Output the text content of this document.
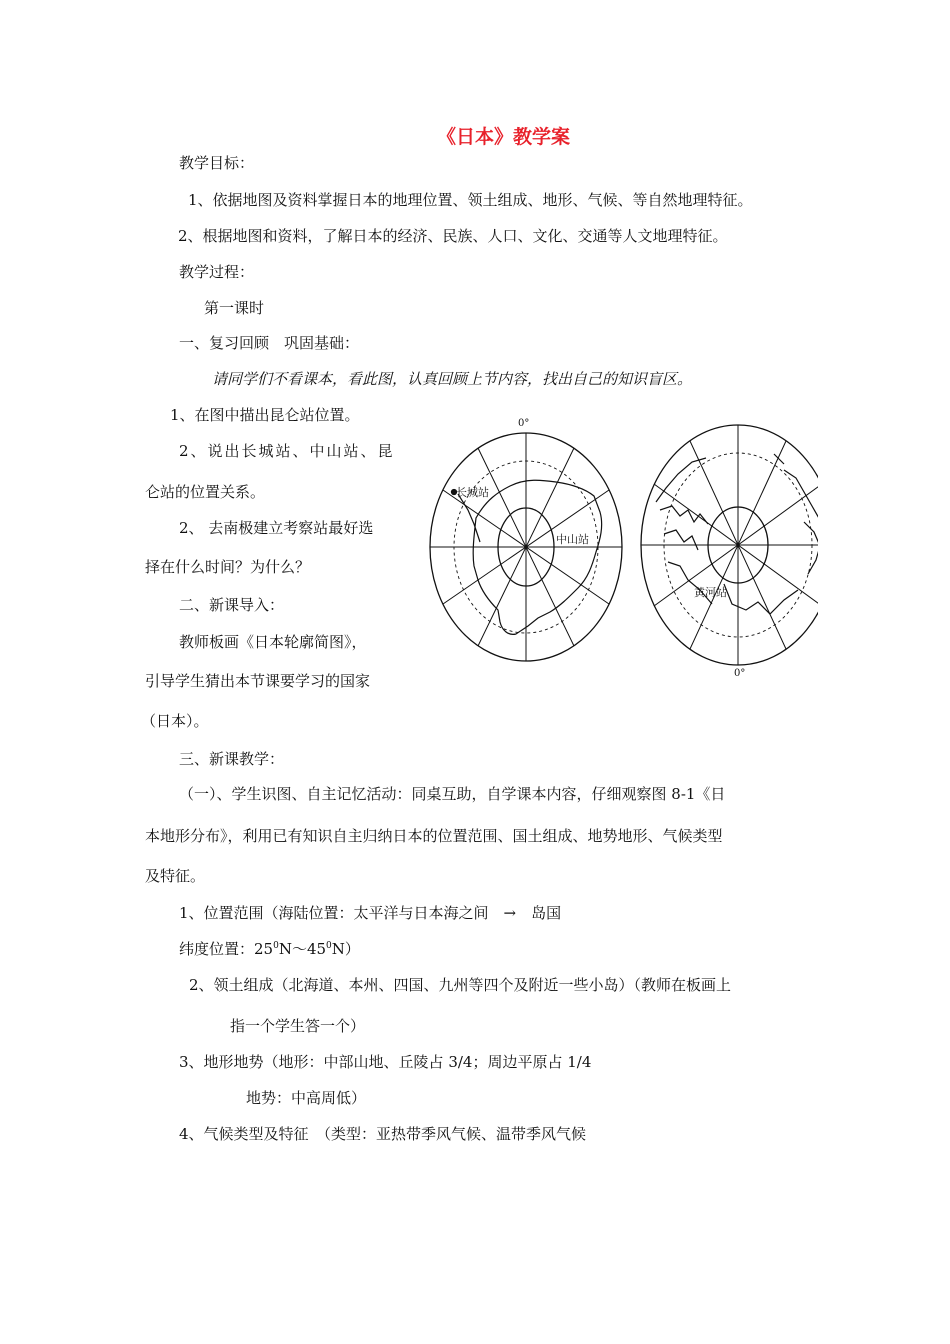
《日本》教学案
教学目标：
1、依据地图及资料掌握日本的地理位置、领土组成、地形、气候、等自然地理特征。
2、根据地图和资料，了解日本的经济、民族、人口、文化、交通等人文地理特征。
教学过程：
第一课时
一、复习回顾　巩固基础：
请同学们不看课本，看此图，认真回顾上节内容，找出自己的知识盲区。
1、在图中描出昆仑站位置。
2、说出长城站、中山站、昆
仑站的位置关系。
2、 去南极建立考察站最好选
择在什么时间？为什么？
二、新课导入：
教师板画《日本轮廓简图》，
引导学生猜出本节课要学习的国家
（日本）。
三、新课教学：
（一）、学生识图、自主记忆活动：同桌互助，自学课本内容，仔细观察图 8-1《日
本地形分布》，利用已有知识自主归纳日本的位置范围、国土组成、地势地形、气候类型
及特征。
1、位置范围（海陆位置：太平洋与日本海之间　→　岛国
纬度位置：$25^0N\sim 45^0N$）
2、领土组成（北海道、本州、四国、九州等四个及附近一些小岛）（教师在板画上
指一个学生答一个）
3、地形地势（地形：中部山地、丘陵占 3/4；周边平原占 1/4
地势：中高周低）
4、气候类型及特征　（类型：亚热带季风气候、温带季风气候
0°
长城站
中山站
0°
黄河站
